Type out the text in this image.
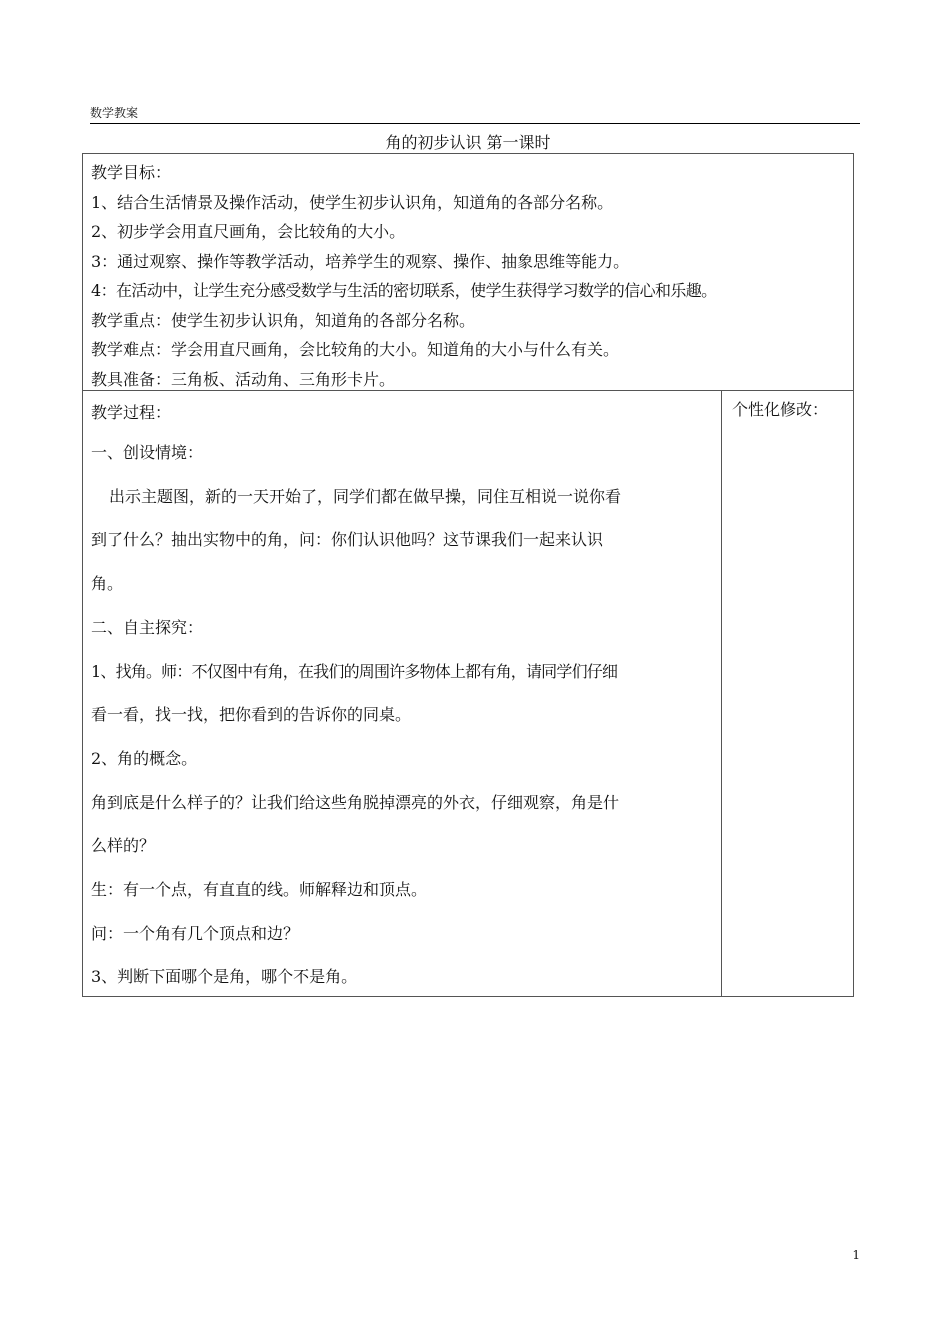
数学教案
角的初步认识 第一课时
教学目标：
1、结合生活情景及操作活动，使学生初步认识角，知道角的各部分名称。
2、初步学会用直尺画角，会比较角的大小。
3：通过观察、操作等教学活动，培养学生的观察、操作、抽象思维等能力。
4：在活动中，让学生充分感受数学与生活的密切联系，使学生获得学习数学的信心和乐趣。
教学重点：使学生初步认识角，知道角的各部分名称。
教学难点：学会用直尺画角，会比较角的大小。知道角的大小与什么有关。
教具准备：三角板、活动角、三角形卡片。
教学过程：
一、创设情境：
出示主题图，新的一天开始了，同学们都在做早操，同住互相说一说你看
到了什么？抽出实物中的角，问：你们认识他吗？这节课我们一起来认识
角。
二、自主探究：
1、找角。师：不仅图中有角，在我们的周围许多物体上都有角，请同学们仔细
看一看，找一找，把你看到的告诉你的同桌。
2、角的概念。
角到底是什么样子的？让我们给这些角脱掉漂亮的外衣，仔细观察，角是什
么样的？
生：有一个点，有直直的线。师解释边和顶点。
问：一个角有几个顶点和边？
3、判断下面哪个是角，哪个不是角。
个性化修改：
1
